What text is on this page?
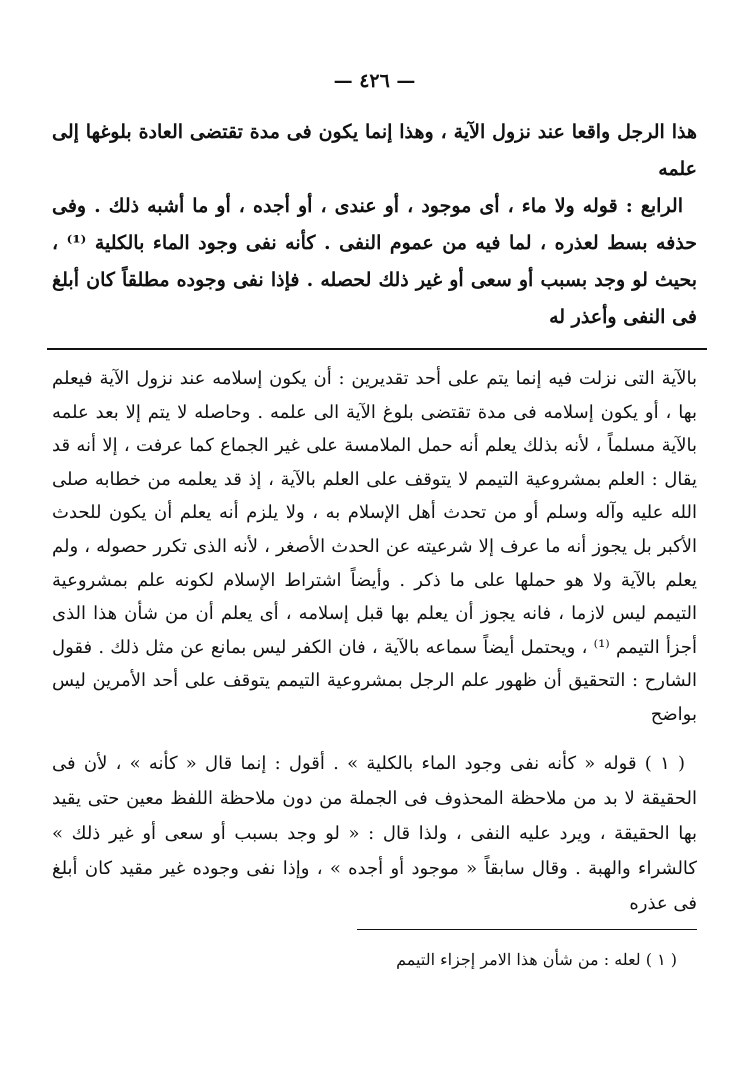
— ٤٢٦ —

هذا الرجل واقعا عند نزول الآية ، وهذا إنما يكون فى مدة تقتضى العادة بلوغها إلى علمه

الرابع : قوله ولا ماء ، أى موجود ، أو عندى ، أو أجده ، أو ما أشبه ذلك . وفى حذفه بسط لعذره ، لما فيه من عموم النفى . كأنه نفى وجود الماء بالكلية ⁽¹⁾ ، بحيث لو وجد بسبب أو سعى أو غير ذلك لحصله . فإذا نفى وجوده مطلقاً كان أبلغ فى النفى وأعذر له

بالآية التى نزلت فيه إنما يتم على أحد تقديرين : أن يكون إسلامه عند نزول الآية فيعلم بها ، أو يكون إسلامه فى مدة تقتضى بلوغ الآية الى علمه . وحاصله لا يتم إلا بعد علمه بالآية مسلماً ، لأنه بذلك يعلم أنه حمل الملامسة على غير الجماع كما عرفت ، إلا أنه قد يقال : العلم بمشروعية التيمم لا يتوقف على العلم بالآية ، إذ قد يعلمه من خطابه صلى الله عليه وآله وسلم أو من تحدث أهل الإسلام به ، ولا يلزم أنه يعلم أن يكون للحدث الأكبر بل يجوز أنه ما عرف إلا شرعيته عن الحدث الأصغر ، لأنه الذى تكرر حصوله ، ولم يعلم بالآية ولا هو حملها على ما ذكر . وأيضاً اشتراط الإسلام لكونه علم بمشروعية التيمم ليس لازما ، فانه يجوز أن يعلم بها قبل إسلامه ، أى يعلم أن من شأن هذا الذى أجزأ التيمم ⁽¹⁾ ، ويحتمل أيضاً سماعه بالآية ، فان الكفر ليس بمانع عن مثل ذلك . فقول الشارح : التحقيق أن ظهور علم الرجل بمشروعية التيمم يتوقف على أحد الأمرين ليس بواضح

( ١ ) قوله « كأنه نفى وجود الماء بالكلية » . أقول : إنما قال « كأنه » ، لأن فى الحقيقة لا بد من ملاحظة المحذوف فى الجملة من دون ملاحظة اللفظ معين حتى يقيد بها الحقيقة ، ويرد عليه النفى ، ولذا قال : « لو وجد بسبب أو سعى أو غير ذلك » كالشراء والهبة . وقال سابقاً « موجود أو أجده » ، وإذا نفى وجوده غير مقيد كان أبلغ فى عذره

( ١ ) لعله : من شأن هذا الامر إجزاء التيمم
